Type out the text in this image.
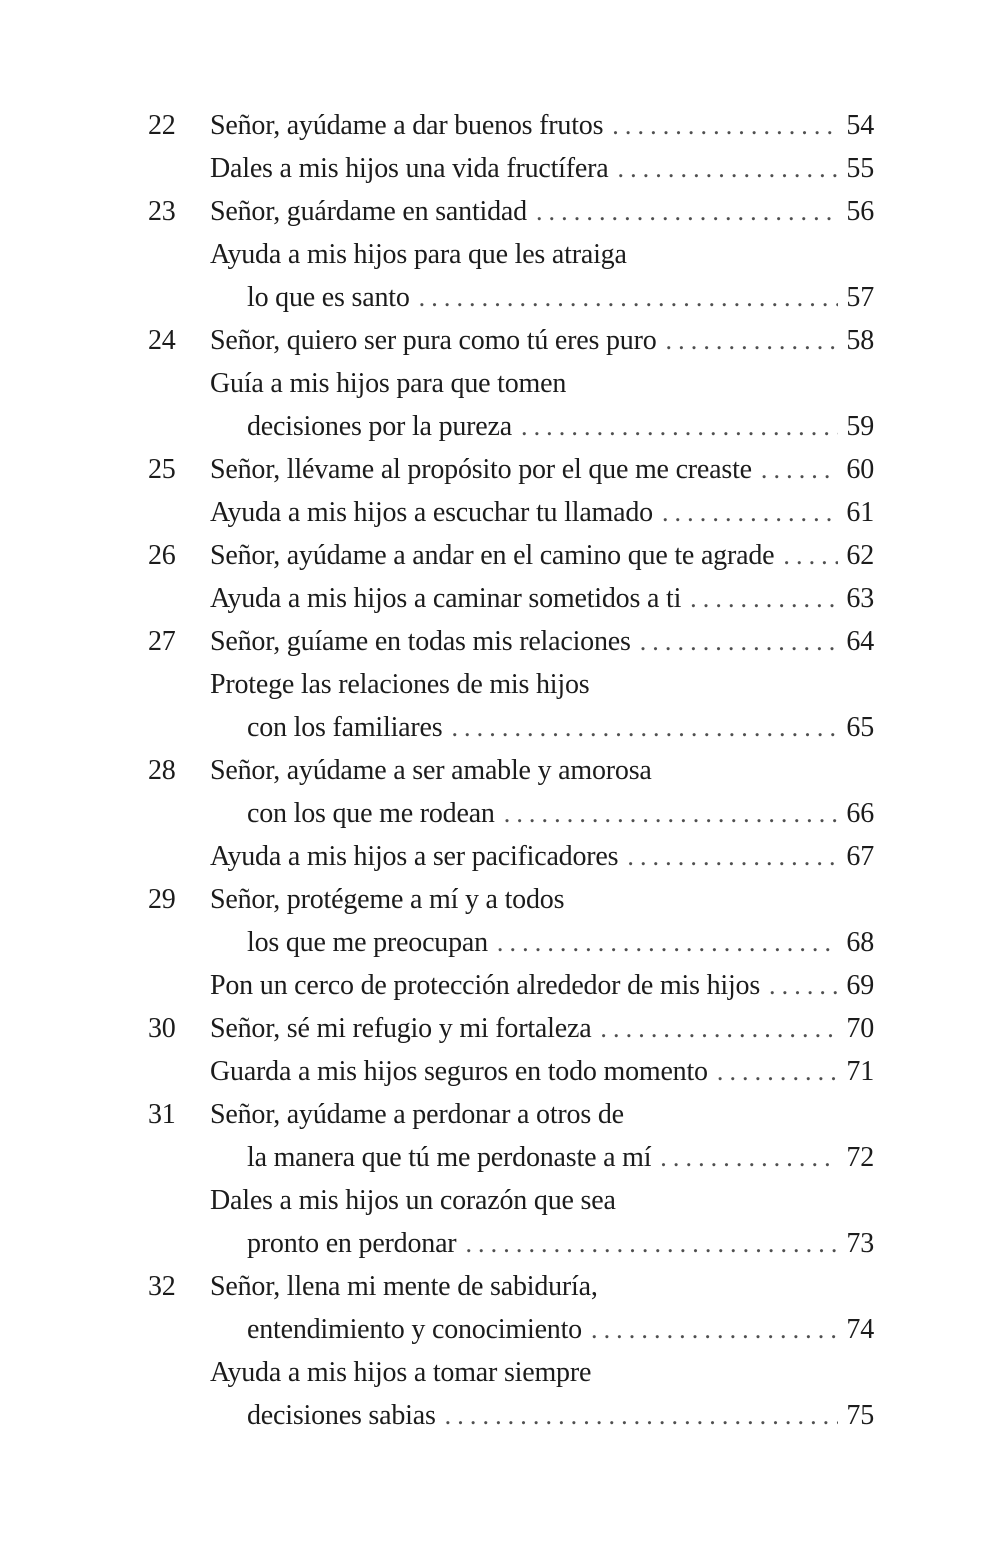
22	Señor, ayúdame a dar buenos frutos . . .	54
Dales a mis hijos una vida fructífera . . .	55
23	Señor, guárdame en santidad . . .	56
Ayuda a mis hijos para que les atraiga
lo que es santo . . .	57
24	Señor, quiero ser pura como tú eres puro . . .	58
Guía a mis hijos para que tomen
decisiones por la pureza . . .	59
25	Señor, llévame al propósito por el que me creaste . . .	60
Ayuda a mis hijos a escuchar tu llamado . . .	61
26	Señor, ayúdame a andar en el camino que te agrade . . .	62
Ayuda a mis hijos a caminar sometidos a ti . . .	63
27	Señor, guíame en todas mis relaciones . . .	64
Protege las relaciones de mis hijos
con los familiares . . .	65
28	Señor, ayúdame a ser amable y amorosa
con los que me rodean . . .	66
Ayuda a mis hijos a ser pacificadores . . .	67
29	Señor, protégeme a mí y a todos
los que me preocupan . . .	68
Pon un cerco de protección alrededor de mis hijos . . .	69
30	Señor, sé mi refugio y mi fortaleza . . .	70
Guarda a mis hijos seguros en todo momento . . .	71
31	Señor, ayúdame a perdonar a otros de
la manera que tú me perdonaste a mí . . .	72
Dales a mis hijos un corazón que sea
pronto en perdonar . . .	73
32	Señor, llena mi mente de sabiduría,
entendimiento y conocimiento . . .	74
Ayuda a mis hijos a tomar siempre
decisiones sabias . . .	75
